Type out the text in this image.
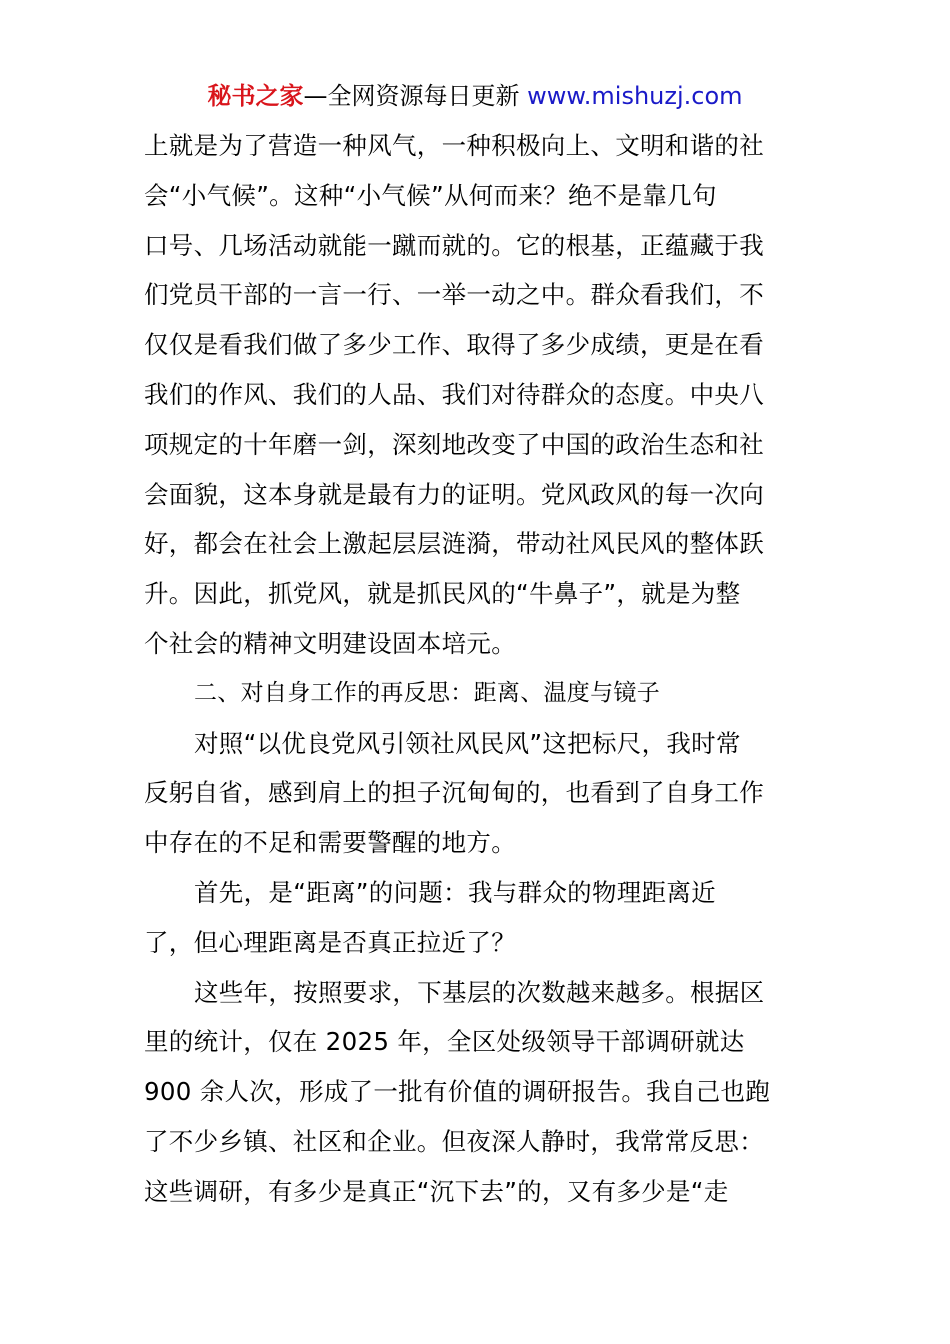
秘书之家—全网资源每日更新 www.mishuzj.com
上就是为了营造一种风气，一种积极向上、文明和谐的社
会“小气候”。这种“小气候”从何而来？绝不是靠几句
口号、几场活动就能一蹴而就的。它的根基，正蕴藏于我
们党员干部的一言一行、一举一动之中。群众看我们，不
仅仅是看我们做了多少工作、取得了多少成绩，更是在看
我们的作风、我们的人品、我们对待群众的态度。中央八
项规定的十年磨一剑，深刻地改变了中国的政治生态和社
会面貌，这本身就是最有力的证明。党风政风的每一次向
好，都会在社会上激起层层涟漪，带动社风民风的整体跃
升。因此，抓党风，就是抓民风的“牛鼻子”，就是为整
个社会的精神文明建设固本培元。
二、对自身工作的再反思：距离、温度与镜子
对照“以优良党风引领社风民风”这把标尺，我时常
反躬自省，感到肩上的担子沉甸甸的，也看到了自身工作
中存在的不足和需要警醒的地方。
首先，是“距离”的问题：我与群众的物理距离近
了，但心理距离是否真正拉近了？
这些年，按照要求，下基层的次数越来越多。根据区
里的统计，仅在 2025 年，全区处级领导干部调研就达
900 余人次，形成了一批有价值的调研报告。我自己也跑
了不少乡镇、社区和企业。但夜深人静时，我常常反思：
这些调研，有多少是真正“沉下去”的，又有多少是“走
